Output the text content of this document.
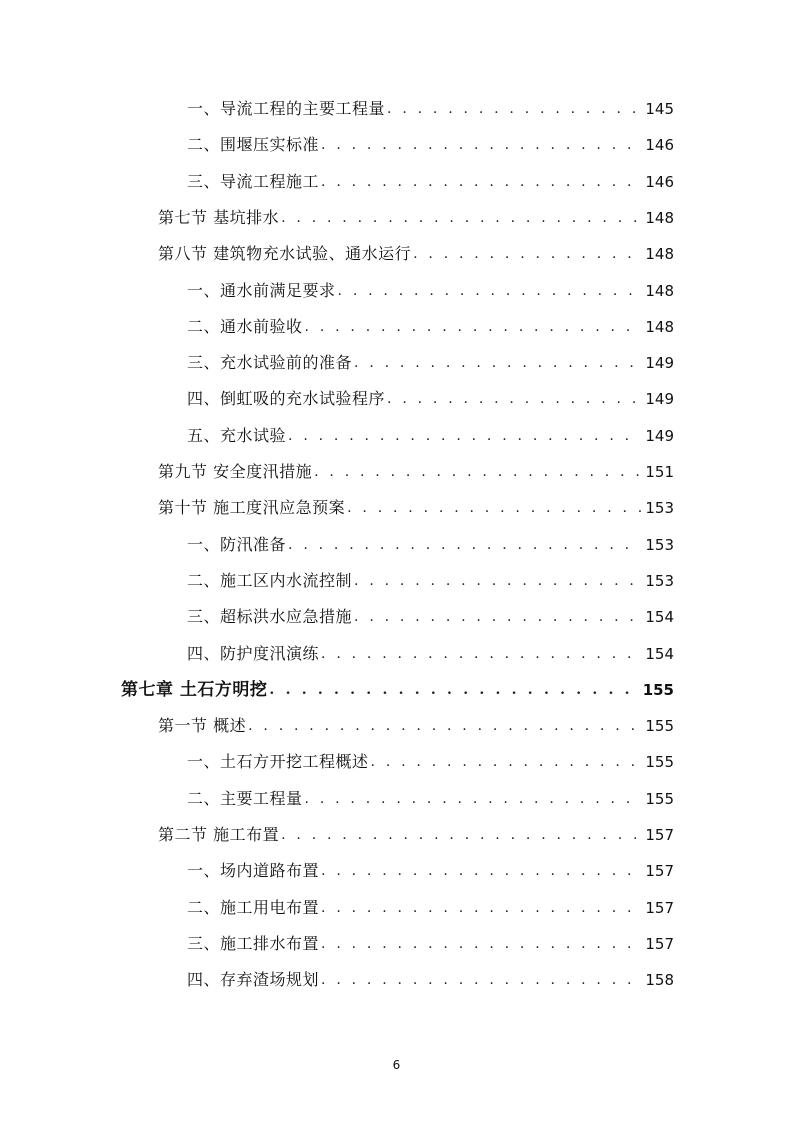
一、导流工程的主要工程量 . . .	145
二、围堰压实标准 . . .	146
三、导流工程施工 . . .	146
第七节 基坑排水 . . .	148
第八节 建筑物充水试验、通水运行 . . .	148
一、通水前满足要求 . . .	148
二、通水前验收 . . .	148
三、充水试验前的准备 . . .	149
四、倒虹吸的充水试验程序 . . .	149
五、充水试验 . . .	149
第九节 安全度汛措施 . . .	151
第十节 施工度汛应急预案 . . .	153
一、防汛准备 . . .	153
二、施工区内水流控制 . . .	153
三、超标洪水应急措施 . . .	154
四、防护度汛演练 . . .	154
第七章 土石方明挖 . . .	155
第一节 概述 . . .	155
一、土石方开挖工程概述 . . .	155
二、主要工程量 . . .	155
第二节 施工布置 . . .	157
一、场内道路布置 . . .	157
二、施工用电布置 . . .	157
三、施工排水布置 . . .	157
四、存弃渣场规划 . . .	158
6
